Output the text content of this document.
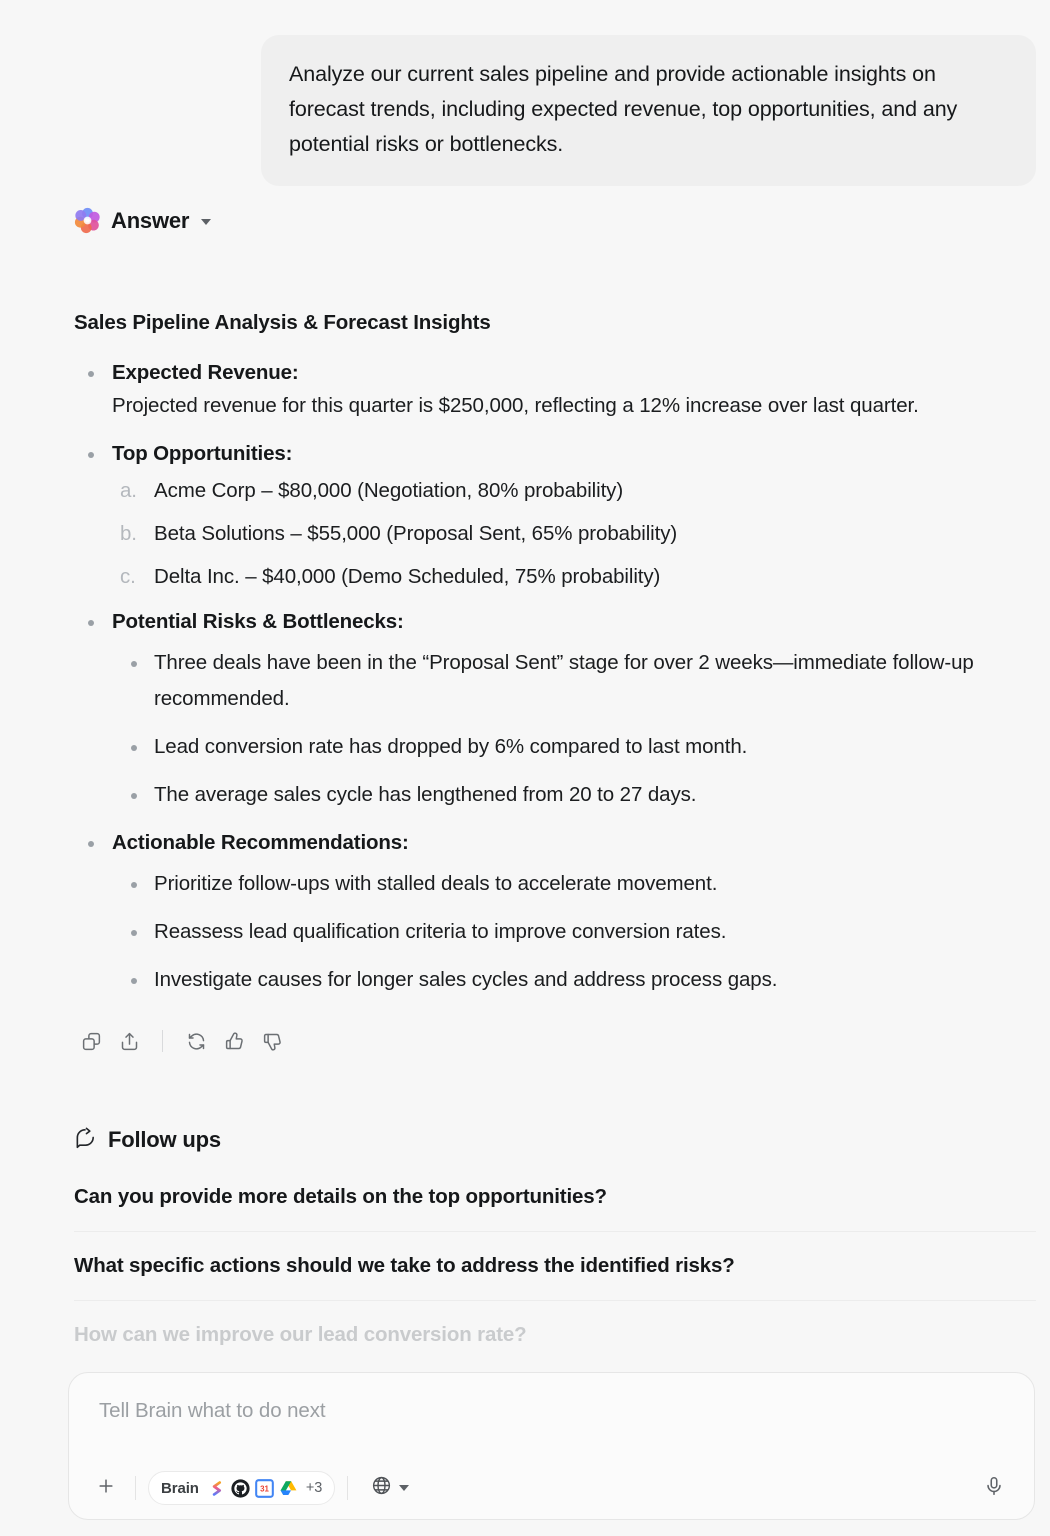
Analyze our current sales pipeline and provide actionable insights on forecast trends, including expected revenue, top opportunities, and any potential risks or bottlenecks.
Answer
Sales Pipeline Analysis & Forecast Insights
Expected Revenue:
Projected revenue for this quarter is $250,000, reflecting a 12% increase over last quarter.
Top Opportunities:
a. Acme Corp – $80,000 (Negotiation, 80% probability)
b. Beta Solutions – $55,000 (Proposal Sent, 65% probability)
c. Delta Inc. – $40,000 (Demo Scheduled, 75% probability)
Potential Risks & Bottlenecks:
Three deals have been in the “Proposal Sent” stage for over 2 weeks—immediate follow-up recommended.
Lead conversion rate has dropped by 6% compared to last month.
The average sales cycle has lengthened from 20 to 27 days.
Actionable Recommendations:
Prioritize follow-ups with stalled deals to accelerate movement.
Reassess lead qualification criteria to improve conversion rates.
Investigate causes for longer sales cycles and address process gaps.
Follow ups
Can you provide more details on the top opportunities?
What specific actions should we take to address the identified risks?
How can we improve our lead conversion rate?
Tell Brain what to do next
Brain	31	+3
